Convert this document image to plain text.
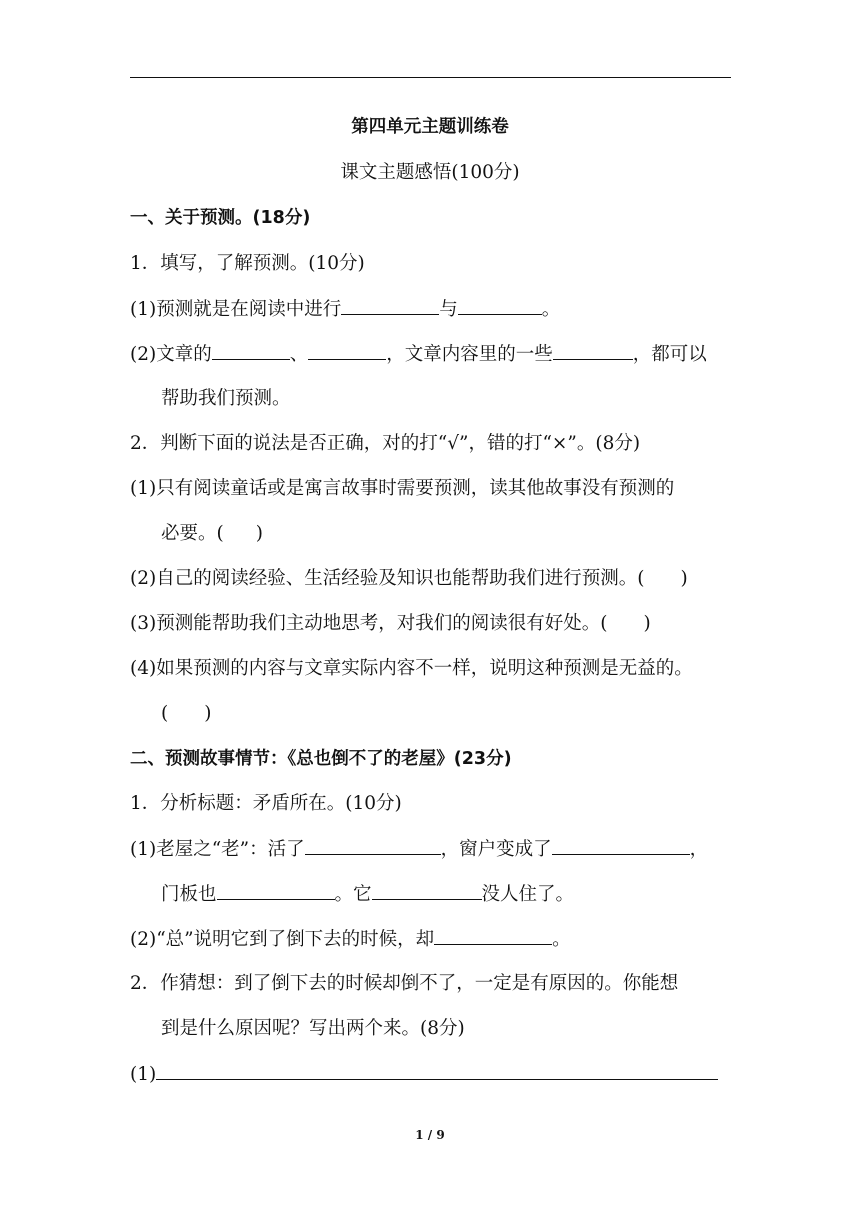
第四单元主题训练卷
课文主题感悟(100分)
一、关于预测。(18分)
1．填写，了解预测。(10分)
(1)预测就是在阅读中进行	与	。
(2)文章的	、	，文章内容里的一些	，都可以
帮助我们预测。
2．判断下面的说法是否正确，对的打“√”，错的打“×”。(8分)
(1)只有阅读童话或是寓言故事时需要预测，读其他故事没有预测的
必要。( )
(2)自己的阅读经验、生活经验及知识也能帮助我们进行预测。( )
(3)预测能帮助我们主动地思考，对我们的阅读很有好处。( )
(4)如果预测的内容与文章实际内容不一样，说明这种预测是无益的。
( )
二、预测故事情节：《总也倒不了的老屋》(23分)
1．分析标题：矛盾所在。(10分)
(1)老屋之“老”：活了	，窗户变成了	，
门板也	。它	没人住了。
(2)“总”说明它到了倒下去的时候，却	。
2．作猜想：到了倒下去的时候却倒不了，一定是有原因的。你能想
到是什么原因呢？写出两个来。(8分)
(1)
1 / 9
